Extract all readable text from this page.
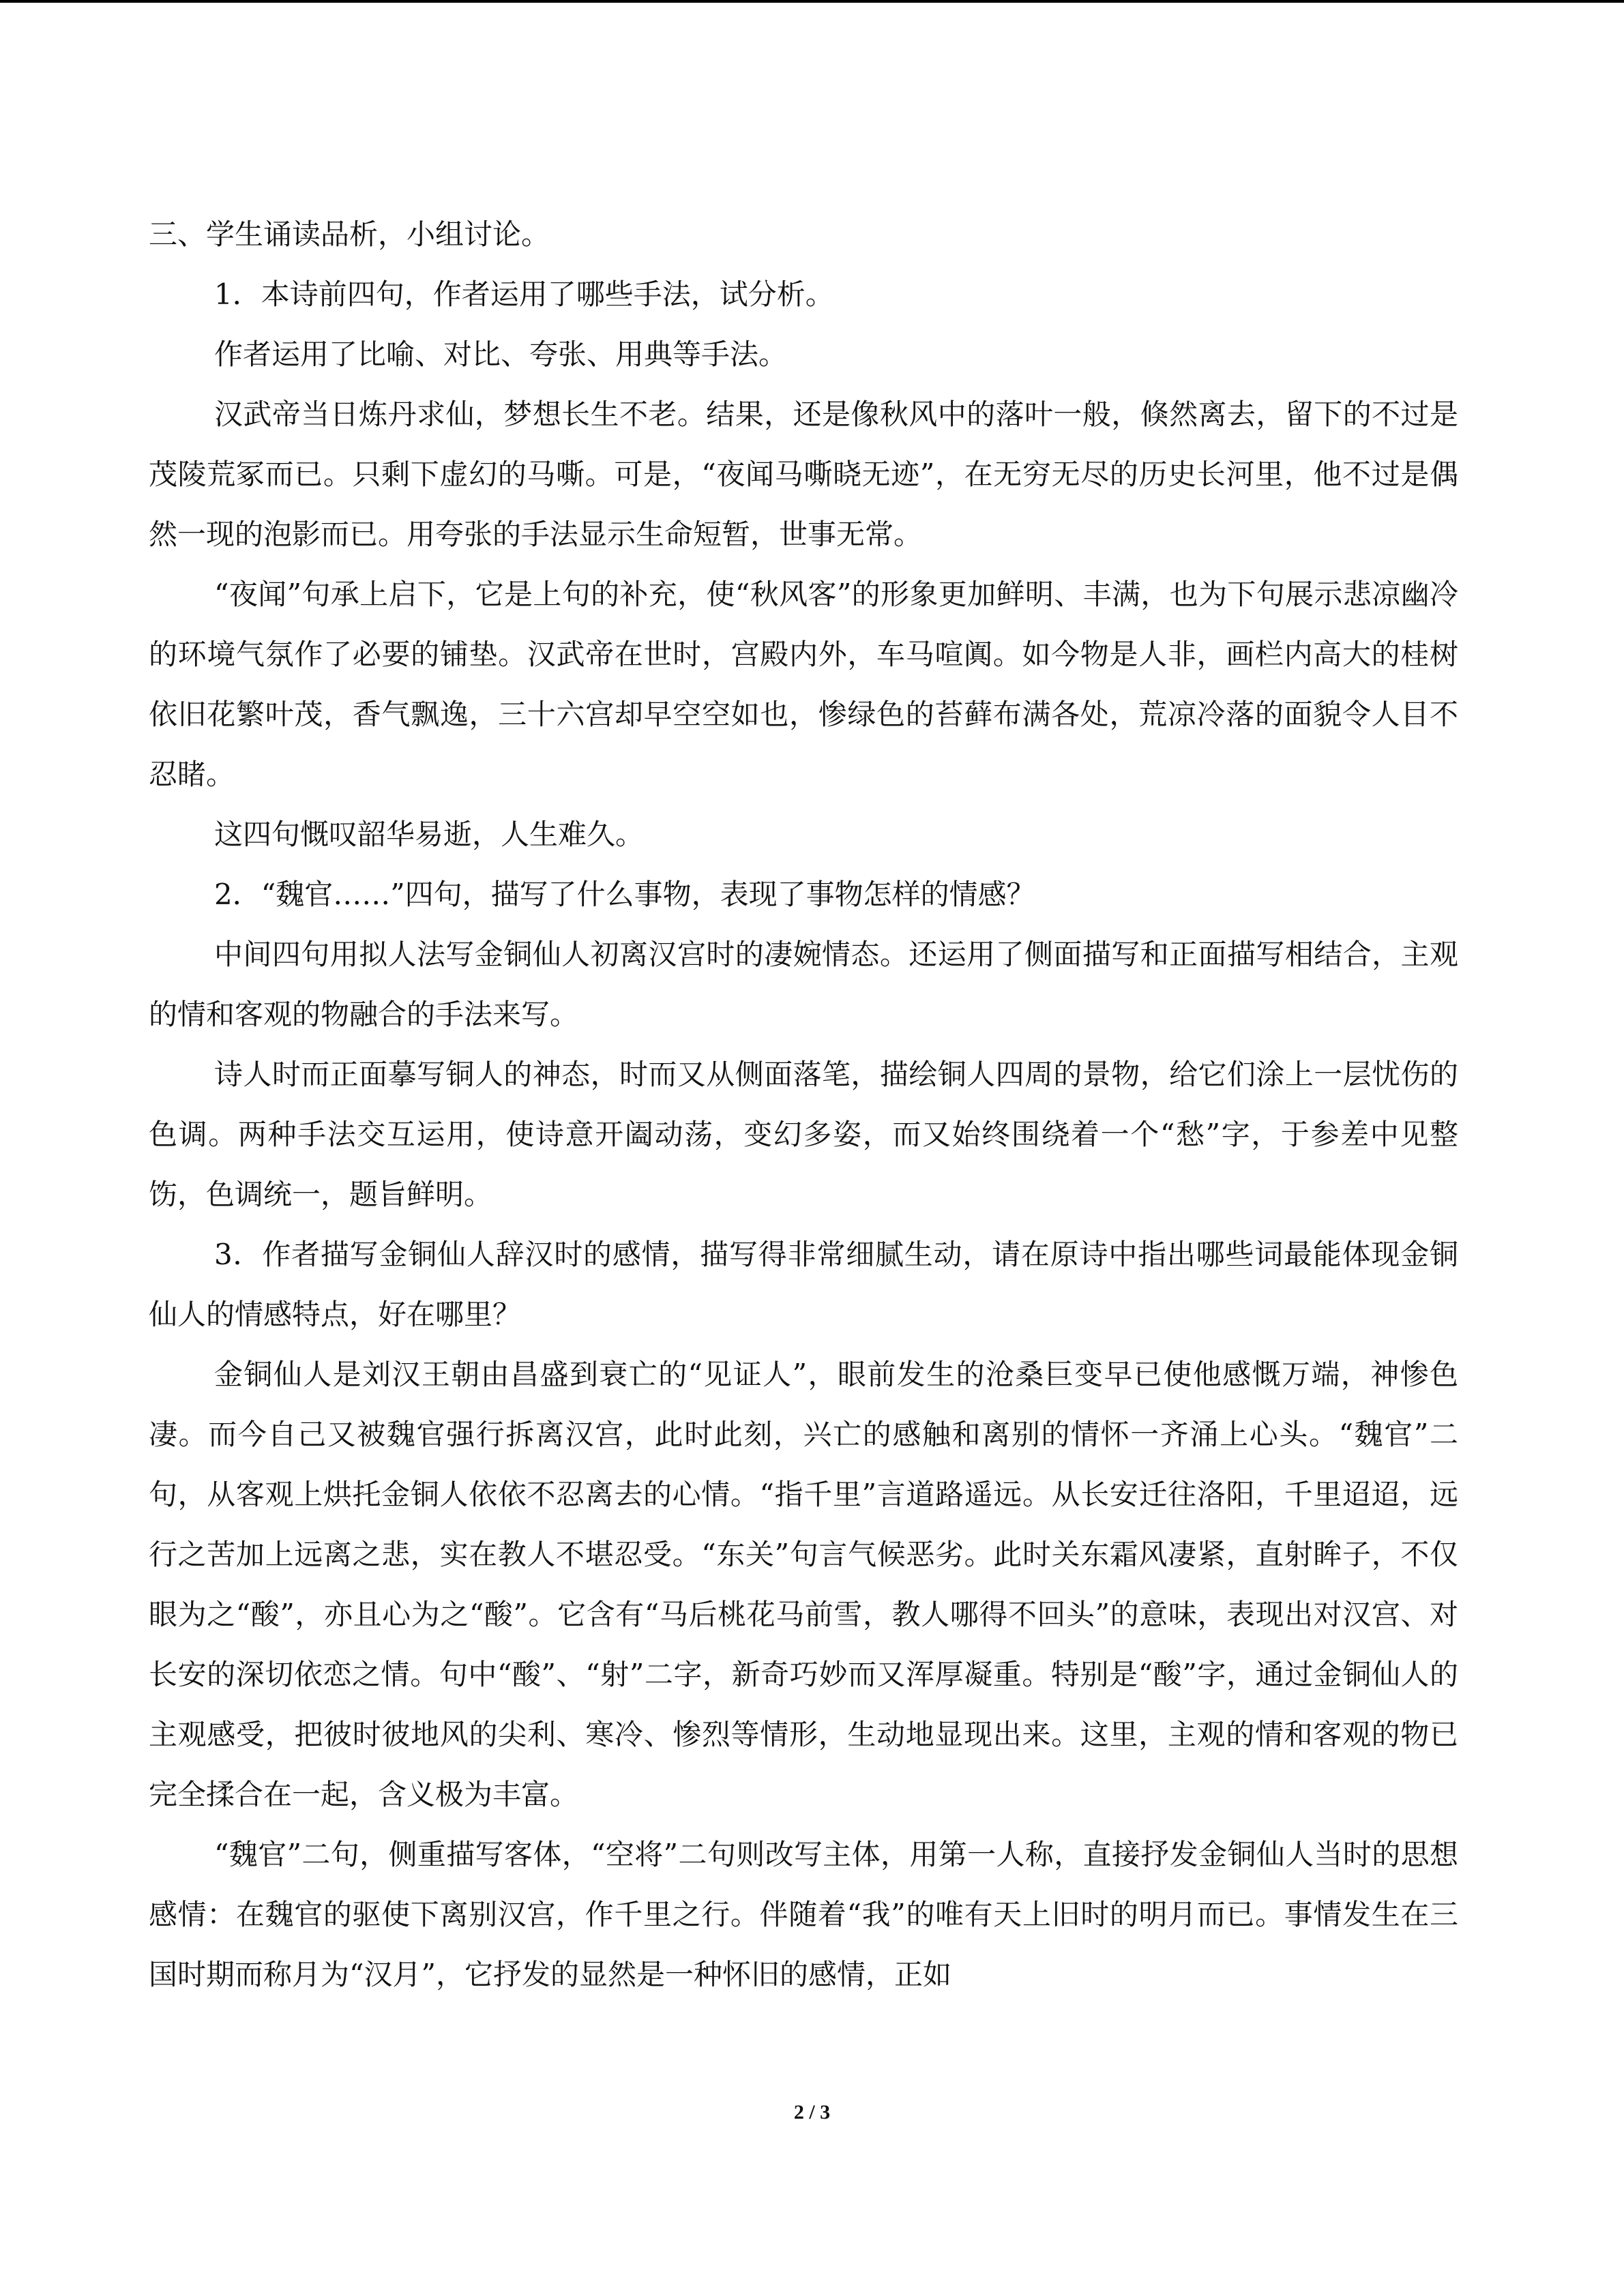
三、学生诵读品析，小组讨论。

1．本诗前四句，作者运用了哪些手法，试分析。

作者运用了比喻、对比、夸张、用典等手法。

汉武帝当日炼丹求仙，梦想长生不老。结果，还是像秋风中的落叶一般，倏然离去，留下的不过是茂陵荒冢而已。只剩下虚幻的马嘶。可是，“夜闻马嘶晓无迹”，在无穷无尽的历史长河里，他不过是偶然一现的泡影而已。用夸张的手法显示生命短暂，世事无常。

“夜闻”句承上启下，它是上句的补充，使“秋风客”的形象更加鲜明、丰满，也为下句展示悲凉幽冷的环境气氛作了必要的铺垫。汉武帝在世时，宫殿内外，车马喧阗。如今物是人非，画栏内高大的桂树依旧花繁叶茂，香气飘逸，三十六宫却早空空如也，惨绿色的苔藓布满各处，荒凉冷落的面貌令人目不忍睹。

这四句慨叹韶华易逝，人生难久。

2．“魏官……”四句，描写了什么事物，表现了事物怎样的情感？

中间四句用拟人法写金铜仙人初离汉宫时的凄婉情态。还运用了侧面描写和正面描写相结合，主观的情和客观的物融合的手法来写。

诗人时而正面摹写铜人的神态，时而又从侧面落笔，描绘铜人四周的景物，给它们涂上一层忧伤的色调。两种手法交互运用，使诗意开阖动荡，变幻多姿，而又始终围绕着一个“愁”字，于参差中见整饬，色调统一，题旨鲜明。

3．作者描写金铜仙人辞汉时的感情，描写得非常细腻生动，请在原诗中指出哪些词最能体现金铜仙人的情感特点，好在哪里？

金铜仙人是刘汉王朝由昌盛到衰亡的“见证人”，眼前发生的沧桑巨变早已使他感慨万端，神惨色凄。而今自己又被魏官强行拆离汉宫，此时此刻，兴亡的感触和离别的情怀一齐涌上心头。“魏官”二句，从客观上烘托金铜人依依不忍离去的心情。“指千里”言道路遥远。从长安迁往洛阳，千里迢迢，远行之苦加上远离之悲，实在教人不堪忍受。“东关”句言气候恶劣。此时关东霜风凄紧，直射眸子，不仅眼为之“酸”，亦且心为之“酸”。它含有“马后桃花马前雪，教人哪得不回头”的意味，表现出对汉宫、对长安的深切依恋之情。句中“酸”、“射”二字，新奇巧妙而又浑厚凝重。特别是“酸”字，通过金铜仙人的主观感受，把彼时彼地风的尖利、寒冷、惨烈等情形，生动地显现出来。这里，主观的情和客观的物已完全揉合在一起，含义极为丰富。

“魏官”二句，侧重描写客体，“空将”二句则改写主体，用第一人称，直接抒发金铜仙人当时的思想感情：在魏官的驱使下离别汉宫，作千里之行。伴随着“我”的唯有天上旧时的明月而已。事情发生在三国时期而称月为“汉月”，它抒发的显然是一种怀旧的感情，正如

2 / 3
